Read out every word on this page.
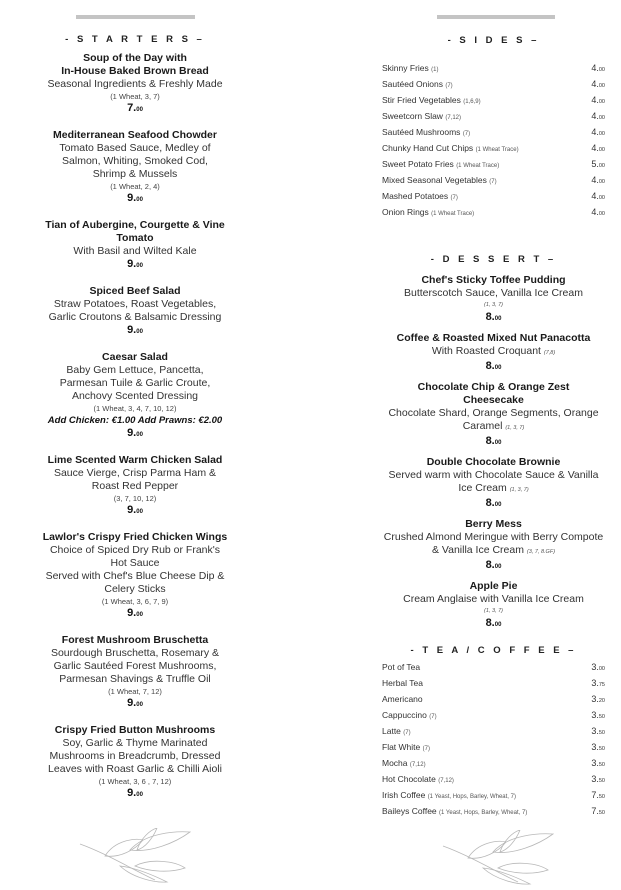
- S T A R T E R S –
Soup of the Day with
In-House Baked Brown Bread
Seasonal Ingredients & Freshly Made
(1 Wheat, 3, 7)
7.00
Mediterranean Seafood Chowder
Tomato Based Sauce, Medley of
Salmon, Whiting, Smoked Cod,
Shrimp & Mussels
(1 Wheat, 2, 4)
9.00
Tian of Aubergine, Courgette & Vine
Tomato
With Basil and Wilted Kale
9.00
Spiced Beef Salad
Straw Potatoes, Roast Vegetables,
Garlic Croutons & Balsamic Dressing
9.00
Caesar Salad
Baby Gem Lettuce, Pancetta,
Parmesan Tuile & Garlic Croute,
Anchovy Scented Dressing
(1 Wheat, 3, 4, 7, 10, 12)
Add Chicken: €1.00 Add Prawns: €2.00
9.00
Lime Scented Warm Chicken Salad
Sauce Vierge, Crisp Parma Ham &
Roast Red Pepper
(3, 7, 10, 12)
9.00
Lawlor's Crispy Fried Chicken Wings
Choice of Spiced Dry Rub or Frank's
Hot Sauce
Served with Chef's Blue Cheese Dip &
Celery Sticks
(1 Wheat, 3, 6, 7, 9)
9.00
Forest Mushroom Bruschetta
Sourdough Bruschetta, Rosemary &
Garlic Sautéed Forest Mushrooms,
Parmesan Shavings & Truffle Oil
(1 Wheat, 7, 12)
9.00
Crispy Fried Button Mushrooms
Soy, Garlic & Thyme Marinated
Mushrooms in Breadcrumb, Dressed
Leaves with Roast Garlic & Chilli Aioli
(1 Wheat, 3, 6 , 7, 12)
9.00
- S I D E S –
Skinny Fries (1)	4.00
Sautéed Onions (7)	4.00
Stir Fried Vegetables (1,6,9)	4.00
Sweetcorn Slaw (7,12)	4.00
Sautéed Mushrooms (7)	4.00
Chunky Hand Cut Chips (1 Wheat Trace)	4.00
Sweet Potato Fries (1 Wheat Trace)	5.00
Mixed Seasonal Vegetables (7)	4.00
Mashed Potatoes (7)	4.00
Onion Rings (1 Wheat Trace)	4.00
- D E S S E R T –
Chef's Sticky Toffee Pudding
Butterscotch Sauce, Vanilla Ice Cream
(1, 3, 7)
8.00
Coffee & Roasted Mixed Nut Panacotta
With Roasted Croquant (7,8)
8.00
Chocolate Chip & Orange Zest
Cheesecake
Chocolate Shard, Orange Segments, Orange
Caramel (1, 3, 7)
8.00
Double Chocolate Brownie
Served warm with Chocolate Sauce & Vanilla
Ice Cream (1, 3, 7)
8.00
Berry Mess
Crushed Almond Meringue with Berry Compote
& Vanilla Ice Cream (3, 7, 8.GF)
8.00
Apple Pie
Cream Anglaise with Vanilla Ice Cream
(1, 3, 7)
8.00
- T E A / C O F F E E –
Pot of Tea	3.00
Herbal Tea	3.75
Americano	3.20
Cappuccino (7)	3.50
Latte (7)	3.50
Flat White (7)	3.50
Mocha (7,12)	3.50
Hot Chocolate (7,12)	3.50
Irish Coffee (1 Yeast, Hops, Barley, Wheat, 7)	7.50
Baileys Coffee (1 Yeast, Hops, Barley, Wheat, 7)	7.50
